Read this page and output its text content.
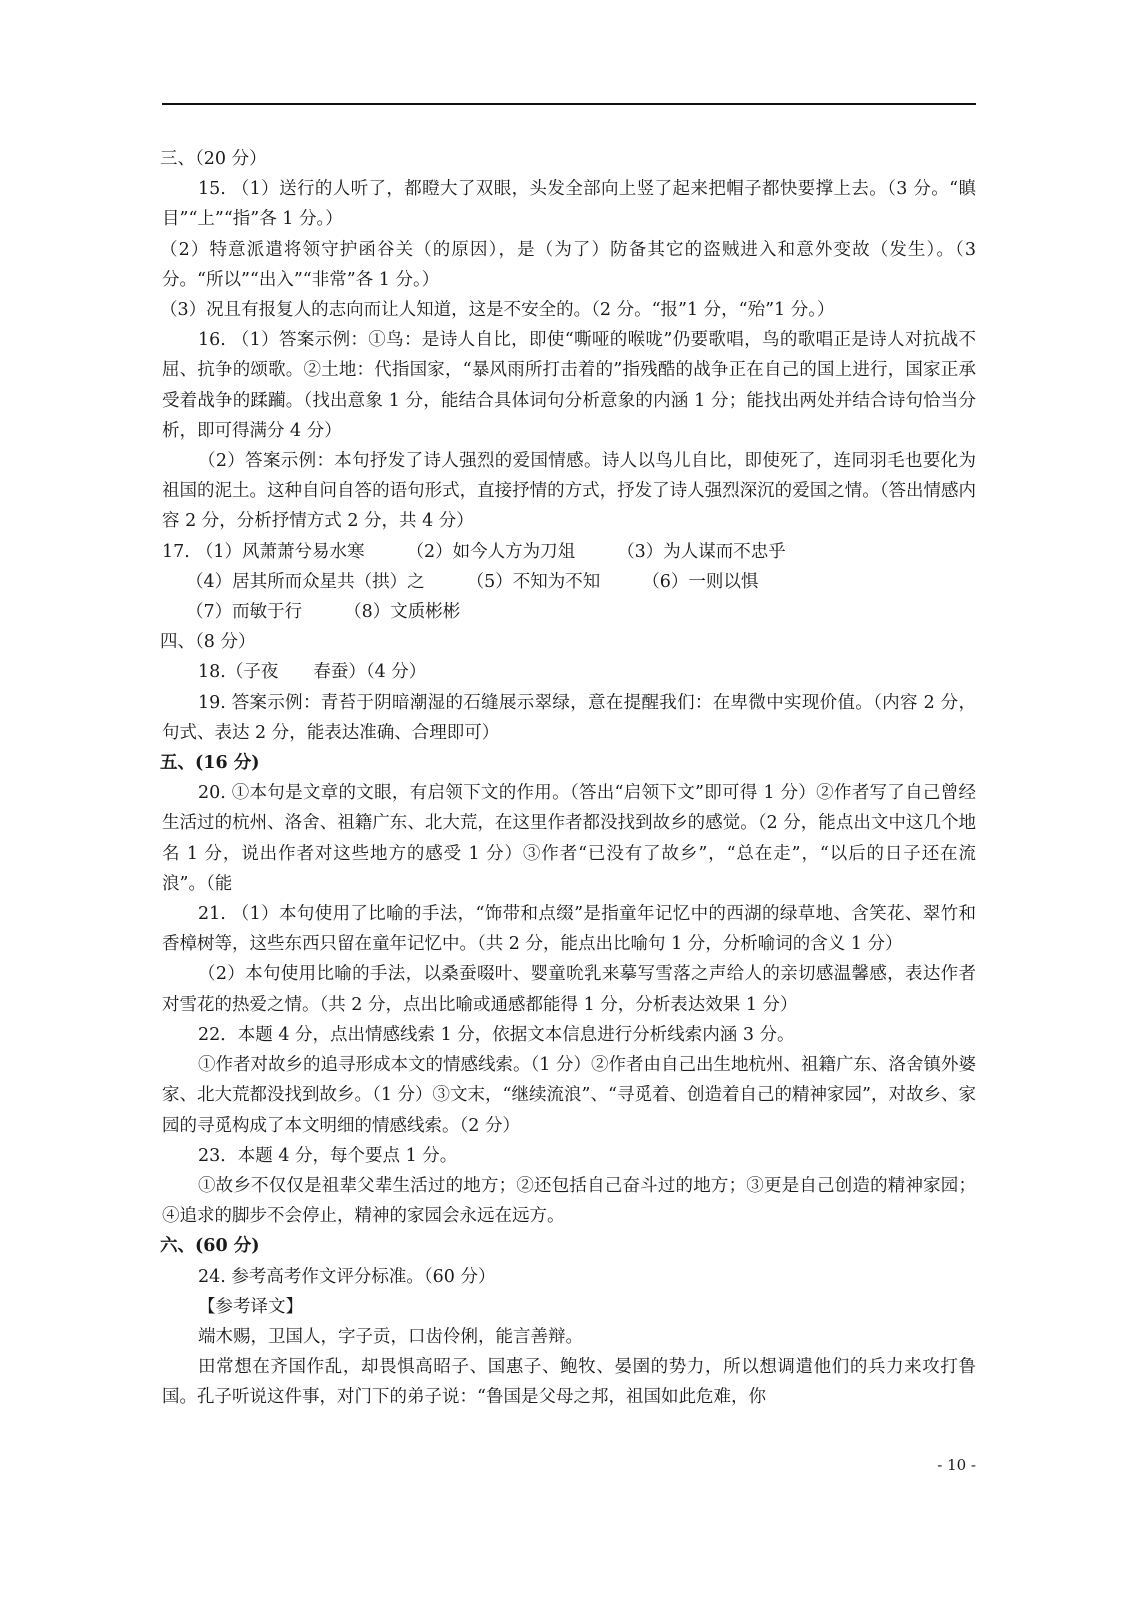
三、（20 分）

15. （1）送行的人听了，都瞪大了双眼，头发全部向上竖了起来把帽子都快要撑上去。（3 分。“瞋目”“上”“指”各 1 分。）

（2）特意派遣将领守护函谷关（的原因），是（为了）防备其它的盗贼进入和意外变故（发生）。（3 分。“所以”“出入”“非常”各 1 分。）

（3）况且有报复人的志向而让人知道，这是不安全的。（2 分。“报”1 分，“殆”1 分。）

16. （1）答案示例：①鸟：是诗人自比，即使“嘶哑的喉咙”仍要歌唱，鸟的歌唱正是诗人对抗战不屈、抗争的颂歌。②土地：代指国家，“暴风雨所打击着的”指残酷的战争正在自己的国上进行，国家正承受着战争的蹂躏。（找出意象 1 分，能结合具体词句分析意象的内涵 1 分；能找出两处并结合诗句恰当分析，即可得满分 4 分）

（2）答案示例：本句抒发了诗人强烈的爱国情感。诗人以鸟儿自比，即使死了，连同羽毛也要化为祖国的泥土。这种自问自答的语句形式，直接抒情的方式，抒发了诗人强烈深沉的爱国之情。（答出情感内容 2 分，分析抒情方式 2 分，共 4 分）

17. （1）风萧萧兮易水寒 （2）如今人方为刀俎 （3）为人谋而不忠乎
（4）居其所而众星共（拱）之 （5）不知为不知 （6）一则以惧
（7）而敏于行 （8）文质彬彬

四、（8 分）

18.（子夜　　春蚕）（4 分）

19. 答案示例：青苔于阴暗潮湿的石缝展示翠绿，意在提醒我们：在卑微中实现价值。（内容 2 分，句式、表达 2 分，能表达准确、合理即可）

五、(16 分)

20. ①本句是文章的文眼，有启领下文的作用。（答出“启领下文”即可得 1 分）②作者写了自己曾经生活过的杭州、洛舍、祖籍广东、北大荒，在这里作者都没找到故乡的感觉。（2 分，能点出文中这几个地名 1 分，说出作者对这些地方的感受 1 分）③作者“已没有了故乡”，“总在走”，“以后的日子还在流浪”。（能

21. （1）本句使用了比喻的手法，“饰带和点缀”是指童年记忆中的西湖的绿草地、含笑花、翠竹和香樟树等，这些东西只留在童年记忆中。（共 2 分，能点出比喻句 1 分，分析喻词的含义 1 分）

（2）本句使用比喻的手法，以桑蚕啜叶、婴童吮乳来摹写雪落之声给人的亲切感温馨感，表达作者对雪花的热爱之情。（共 2 分，点出比喻或通感都能得 1 分，分析表达效果 1 分）

22．本题 4 分，点出情感线索 1 分，依据文本信息进行分析线索内涵 3 分。

①作者对故乡的追寻形成本文的情感线索。（1 分）②作者由自己出生地杭州、祖籍广东、洛舍镇外婆家、北大荒都没找到故乡。（1 分）③文末，“继续流浪”、“寻觅着、创造着自己的精神家园”，对故乡、家园的寻觅构成了本文明细的情感线索。（2 分）

23．本题 4 分，每个要点 1 分。

①故乡不仅仅是祖辈父辈生活过的地方；②还包括自己奋斗过的地方；③更是自己创造的精神家园；④追求的脚步不会停止，精神的家园会永远在远方。

六、(60 分)

24. 参考高考作文评分标准。（60 分）

【参考译文】

端木赐，卫国人，字子贡，口齿伶俐，能言善辩。

田常想在齐国作乱，却畏惧高昭子、国惠子、鲍牧、晏圉的势力，所以想调遣他们的兵力来攻打鲁国。孔子听说这件事，对门下的弟子说：“鲁国是父母之邦，祖国如此危难，你

- 10 -
